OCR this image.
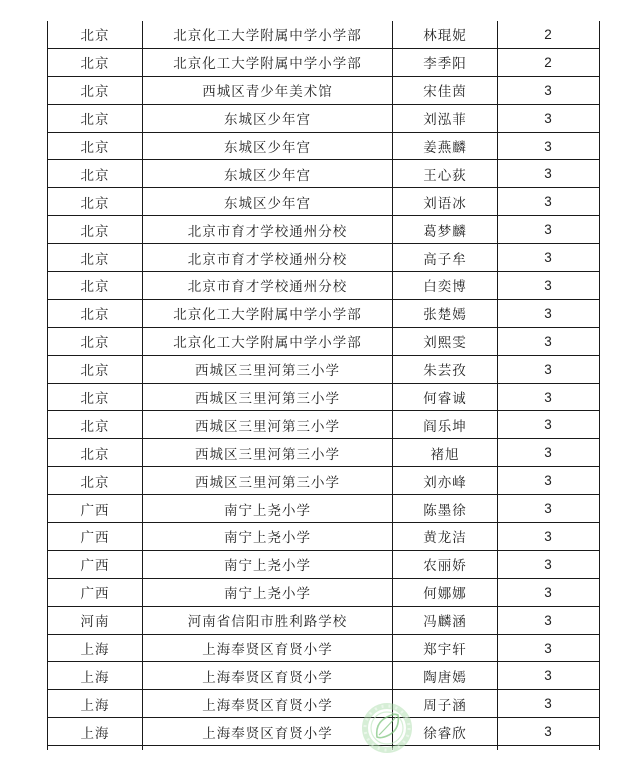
北京	北京化工大学附属中学小学部	林琨妮	2
北京	北京化工大学附属中学小学部	李季阳	2
北京	西城区青少年美术馆	宋佳茵	3
北京	东城区少年宫	刘泓菲	3
北京	东城区少年宫	姜燕麟	3
北京	东城区少年宫	王心荻	3
北京	东城区少年宫	刘语冰	3
北京	北京市育才学校通州分校	葛梦麟	3
北京	北京市育才学校通州分校	高子牟	3
北京	北京市育才学校通州分校	白奕博	3
北京	北京化工大学附属中学小学部	张楚嫣	3
北京	北京化工大学附属中学小学部	刘熙雯	3
北京	西城区三里河第三小学	朱芸孜	3
北京	西城区三里河第三小学	何睿诚	3
北京	西城区三里河第三小学	阎乐坤	3
北京	西城区三里河第三小学	褚旭	3
北京	西城区三里河第三小学	刘亦峰	3
广西	南宁上尧小学	陈墨徐	3
广西	南宁上尧小学	黄龙洁	3
广西	南宁上尧小学	农丽娇	3
广西	南宁上尧小学	何娜娜	3
河南	河南省信阳市胜利路学校	冯麟涵	3
上海	上海奉贤区育贤小学	郑宇轩	3
上海	上海奉贤区育贤小学	陶唐嫣	3
上海	上海奉贤区育贤小学	周子涵	3
上海	上海奉贤区育贤小学	徐睿欣	3
